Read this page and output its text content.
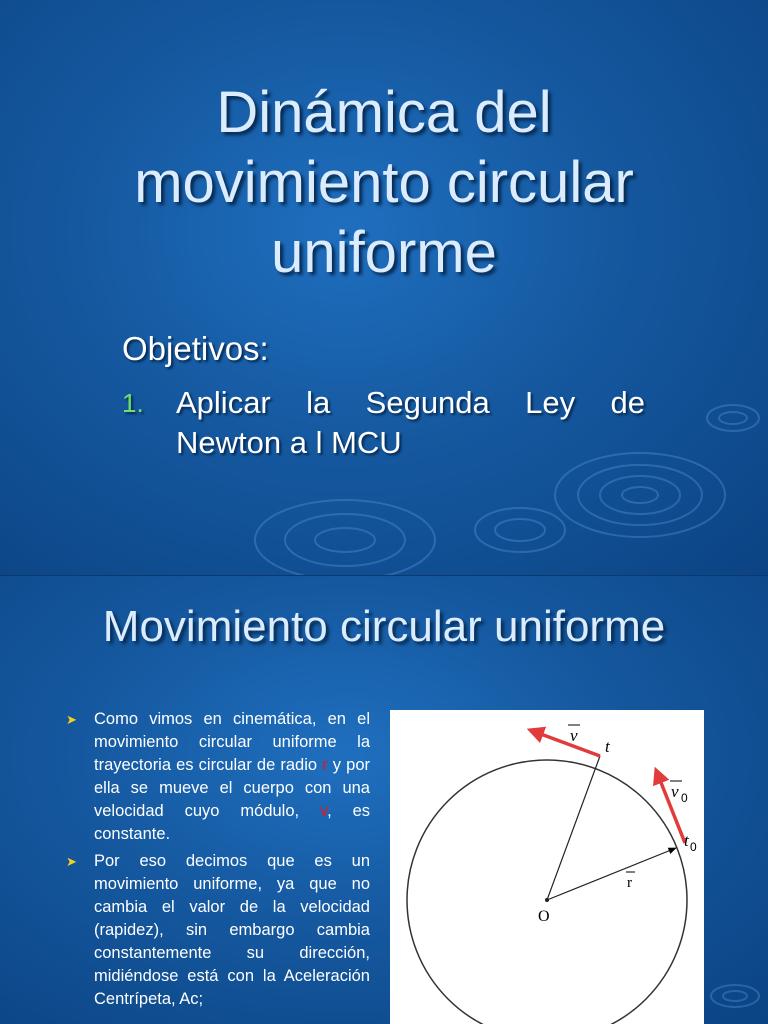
Dinámica del
movimiento circular
uniforme
Objetivos:
1.	Aplicar la Segunda Ley de
Newton a l MCU
Movimiento circular uniforme
➤ Como vimos en cinemática, en el movimiento circular uniforme la trayectoria es circular de radio r y por ella se mueve el cuerpo con una velocidad cuyo módulo, v, es constante.
➤ Por eso decimos que es un movimiento uniforme, ya que no cambia el valor de la velocidad (rapidez), sin embargo cambia constantemente su dirección, midiéndose está con la Aceleración Centrípeta, Ac;
v
t
v 0
t 0
r
O
